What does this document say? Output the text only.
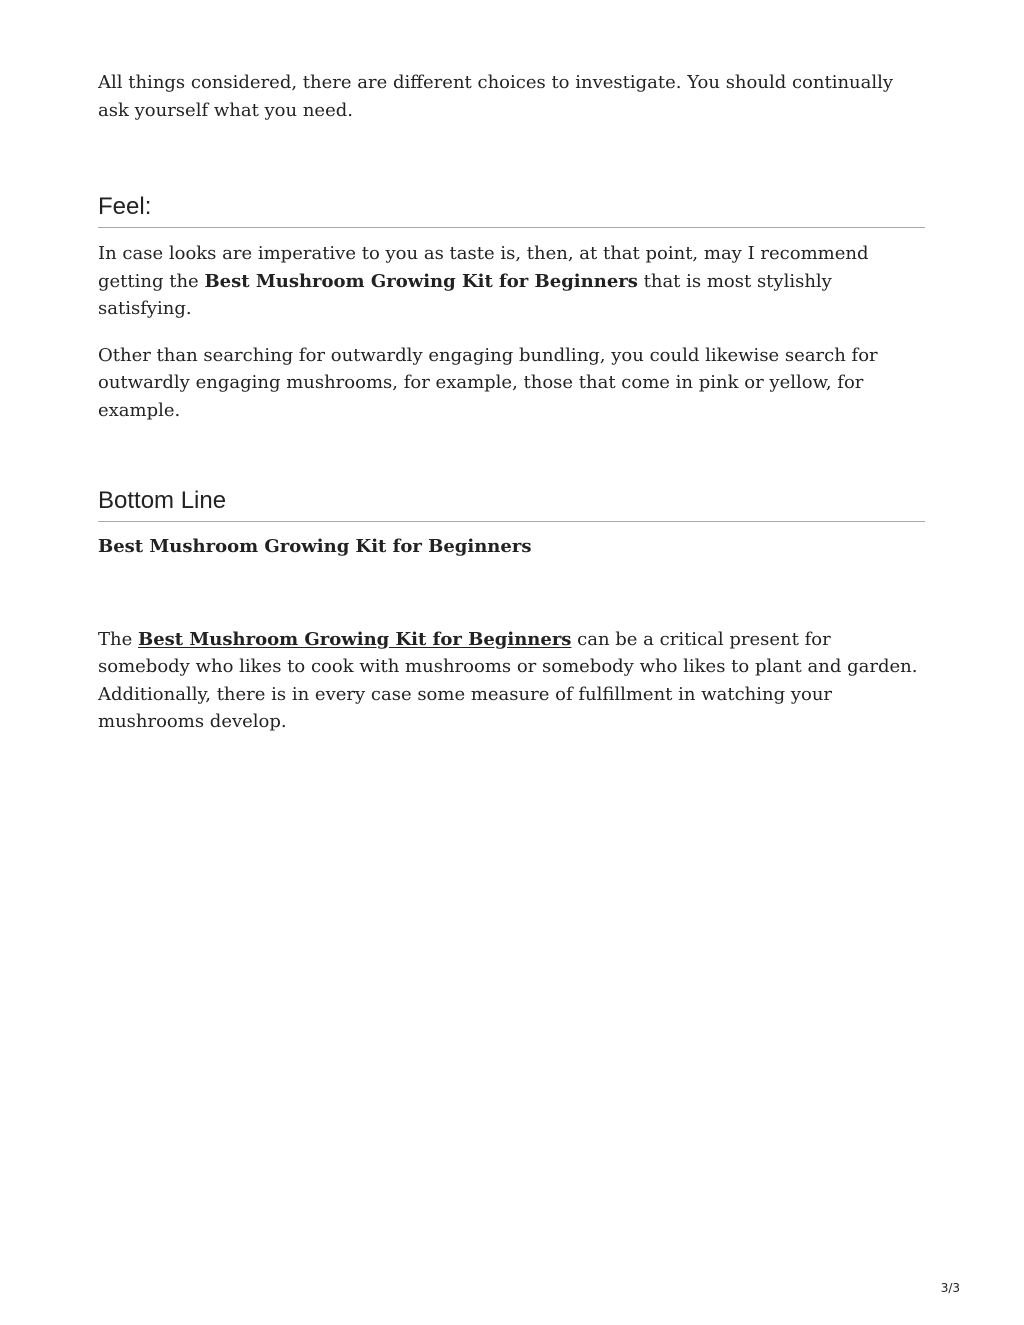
All things considered, there are different choices to investigate. You should continually ask yourself what you need.

Feel:

In case looks are imperative to you as taste is, then, at that point, may I recommend getting the Best Mushroom Growing Kit for Beginners that is most stylishly satisfying.

Other than searching for outwardly engaging bundling, you could likewise search for outwardly engaging mushrooms, for example, those that come in pink or yellow, for example.

Bottom Line

Best Mushroom Growing Kit for Beginners

The Best Mushroom Growing Kit for Beginners can be a critical present for somebody who likes to cook with mushrooms or somebody who likes to plant and garden. Additionally, there is in every case some measure of fulfillment in watching your mushrooms develop.

3/3
